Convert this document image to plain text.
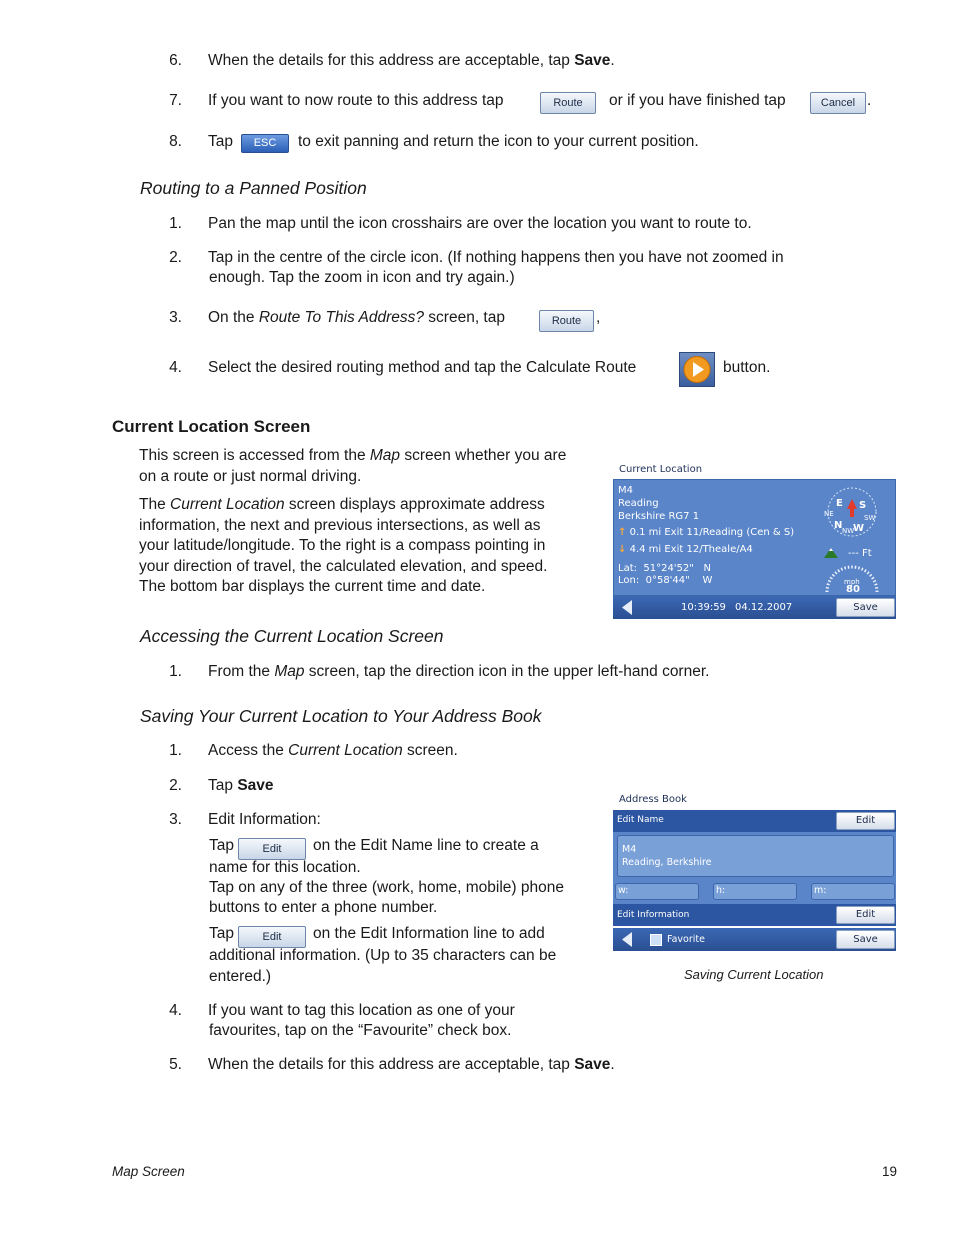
6. When the details for this address are acceptable, tap Save.
7. If you want to now route to this address tap	Route	or if you have finished tap	Cancel .
8. Tap	ESC	to exit panning and return the icon to your current position.
Routing to a Panned Position
1. Pan the map until the icon crosshairs are over the location you want to route to.
2. Tap in the centre of the circle icon. (If nothing happens then you have not zoomed in
enough. Tap the zoom in icon and try again.)
3. On the Route To This Address? screen, tap	Route ,
4. Select the desired routing method and tap the Calculate Route	button.
Current Location Screen
This screen is accessed from the Map screen whether you are
on a route or just normal driving.
The Current Location screen displays approximate address
information, the next and previous intersections, as well as
your latitude/longitude. To the right is a compass pointing in
your direction of travel, the calculated elevation, and speed.
The bottom bar displays the current time and date.
Current Location
M4
Reading
Berkshire RG7 1
↑ 0.1 mi Exit 11/Reading (Cen & S)
↓ 4.4 mi Exit 12/Theale/A4
Lat: 51°24'52" N
Lon: 0°58'44" W
E S
NE	SW
N W
NW
--- Ft
mph
80
10:39:59 04.12.2007	Save
Accessing the Current Location Screen
1. From the Map screen, tap the direction icon in the upper left-hand corner.
Saving Your Current Location to Your Address Book
1. Access the Current Location screen.
2. Tap Save
3. Edit Information:
Tap	Edit	on the Edit Name line to create a
name for this location.
Tap on any of the three (work, home, mobile) phone
buttons to enter a phone number.
Tap	Edit	on the Edit Information line to add
additional information. (Up to 35 characters can be
entered.)
4. If you want to tag this location as one of your
favourites, tap on the “Favourite” check box.
5. When the details for this address are acceptable, tap Save.
Address Book
Edit Name	Edit
M4
Reading, Berkshire
w:	h:	m:
Edit Information	Edit
Favorite	Save
Saving Current Location
Map Screen	19
